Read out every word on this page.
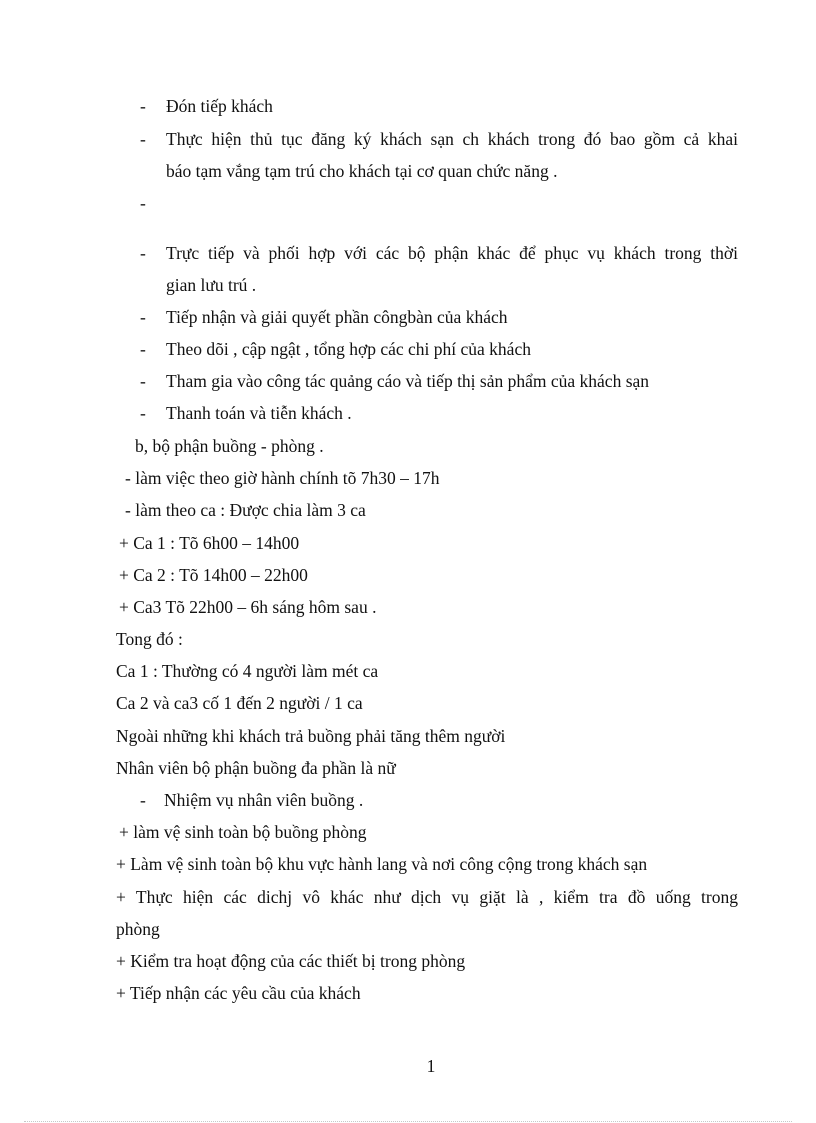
- Đón tiếp khách
- Thực hiện thủ tục đăng ký khách sạn ch khách trong đó bao gồm cả khai
báo tạm vắng tạm trú cho khách tại cơ quan chức năng .
-
- Trực tiếp và phối hợp với các bộ phận khác để phục vụ khách trong thời
gian lưu trú .
- Tiếp nhận và giải quyết phần côngbàn của khách
- Theo dõi , cập ngật , tổng hợp các chi phí của khách
- Tham gia vào công tác quảng cáo và tiếp thị sản phẩm của khách sạn
- Thanh toán và tiễn khách .
b, bộ phận buồng - phòng .
- làm việc theo giờ hành chính tõ 7h30 – 17h
- làm theo ca : Được chia làm 3 ca
+ Ca 1 : Tõ 6h00 – 14h00
+ Ca 2 : Tõ 14h00 – 22h00
+ Ca3 Tõ 22h00 – 6h sáng hôm sau .
Tong đó :
Ca 1 : Thường có 4 người làm mét ca
Ca 2 và ca3 cố 1 đến 2 người / 1 ca
Ngoài những khi khách trả buồng phải tăng thêm người
Nhân viên bộ phận buồng đa phần là nữ
- Nhiệm vụ nhân viên buồng .
+ làm vệ sinh toàn bộ buồng phòng
+ Làm vệ sinh toàn bộ khu vực hành lang và nơi công cộng trong khách sạn
+ Thực hiện các dichj vô khác như dịch vụ giặt là , kiểm tra đồ uống trong
phòng
+ Kiểm tra hoạt động của các thiết bị trong phòng
+ Tiếp nhận các yêu cầu của khách
1
